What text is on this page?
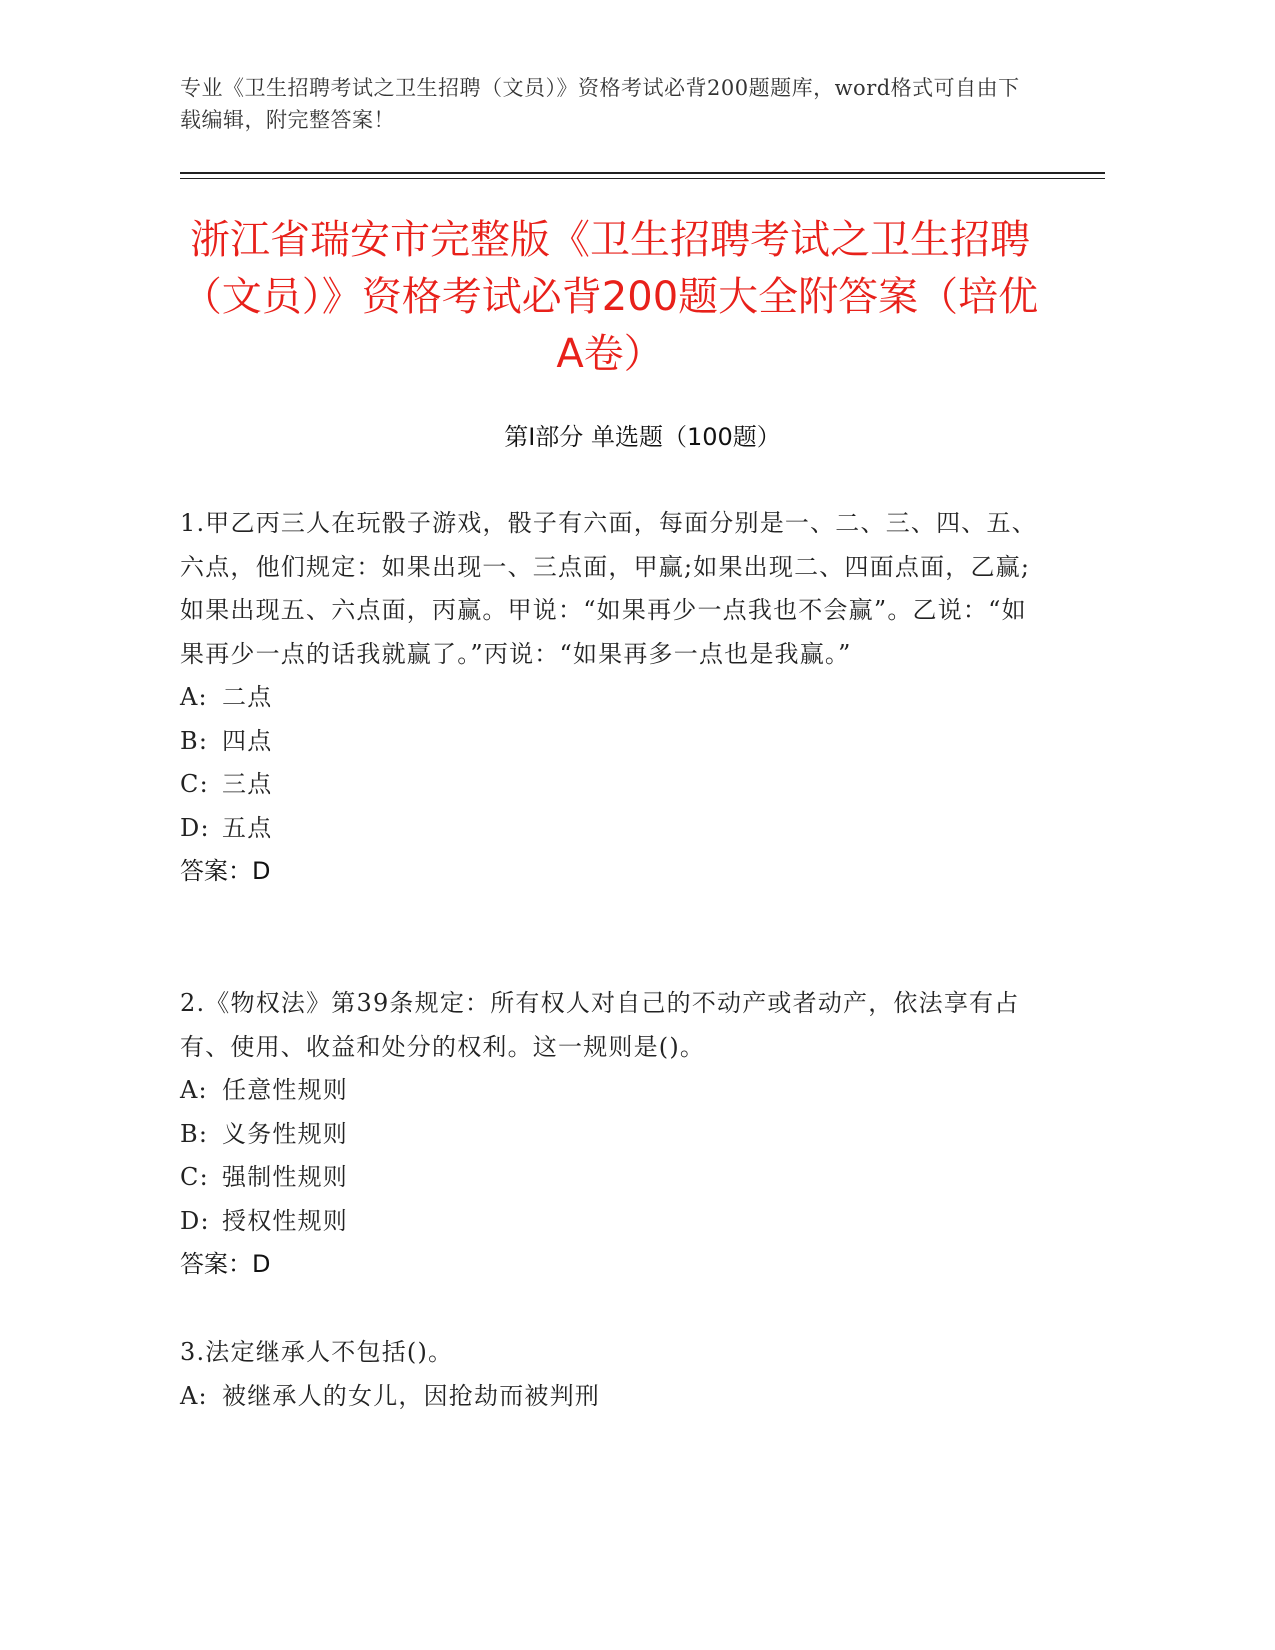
专业《卫生招聘考试之卫生招聘（文员）》资格考试必背200题题库，word格式可自由下载编辑，附完整答案！
浙江省瑞安市完整版《卫生招聘考试之卫生招聘（文员）》资格考试必背200题大全附答案（培优A卷）
第Ⅰ部分 单选题（100题）

1.甲乙丙三人在玩骰子游戏，骰子有六面，每面分别是一、二、三、四、五、六点，他们规定：如果出现一、三点面，甲赢;如果出现二、四面点面，乙赢;如果出现五、六点面，丙赢。甲说：“如果再少一点我也不会赢”。乙说：“如果再少一点的话我就赢了。”丙说：“如果再多一点也是我赢。”

A: 二点
B: 四点
C: 三点
D: 五点
答案：D

2.《物权法》第39条规定：所有权人对自己的不动产或者动产，依法享有占有、使用、收益和处分的权利。这一规则是()。

A: 任意性规则
B: 义务性规则
C: 强制性规则
D: 授权性规则
答案：D

3.法定继承人不包括()。

A: 被继承人的女儿，因抢劫而被判刑
